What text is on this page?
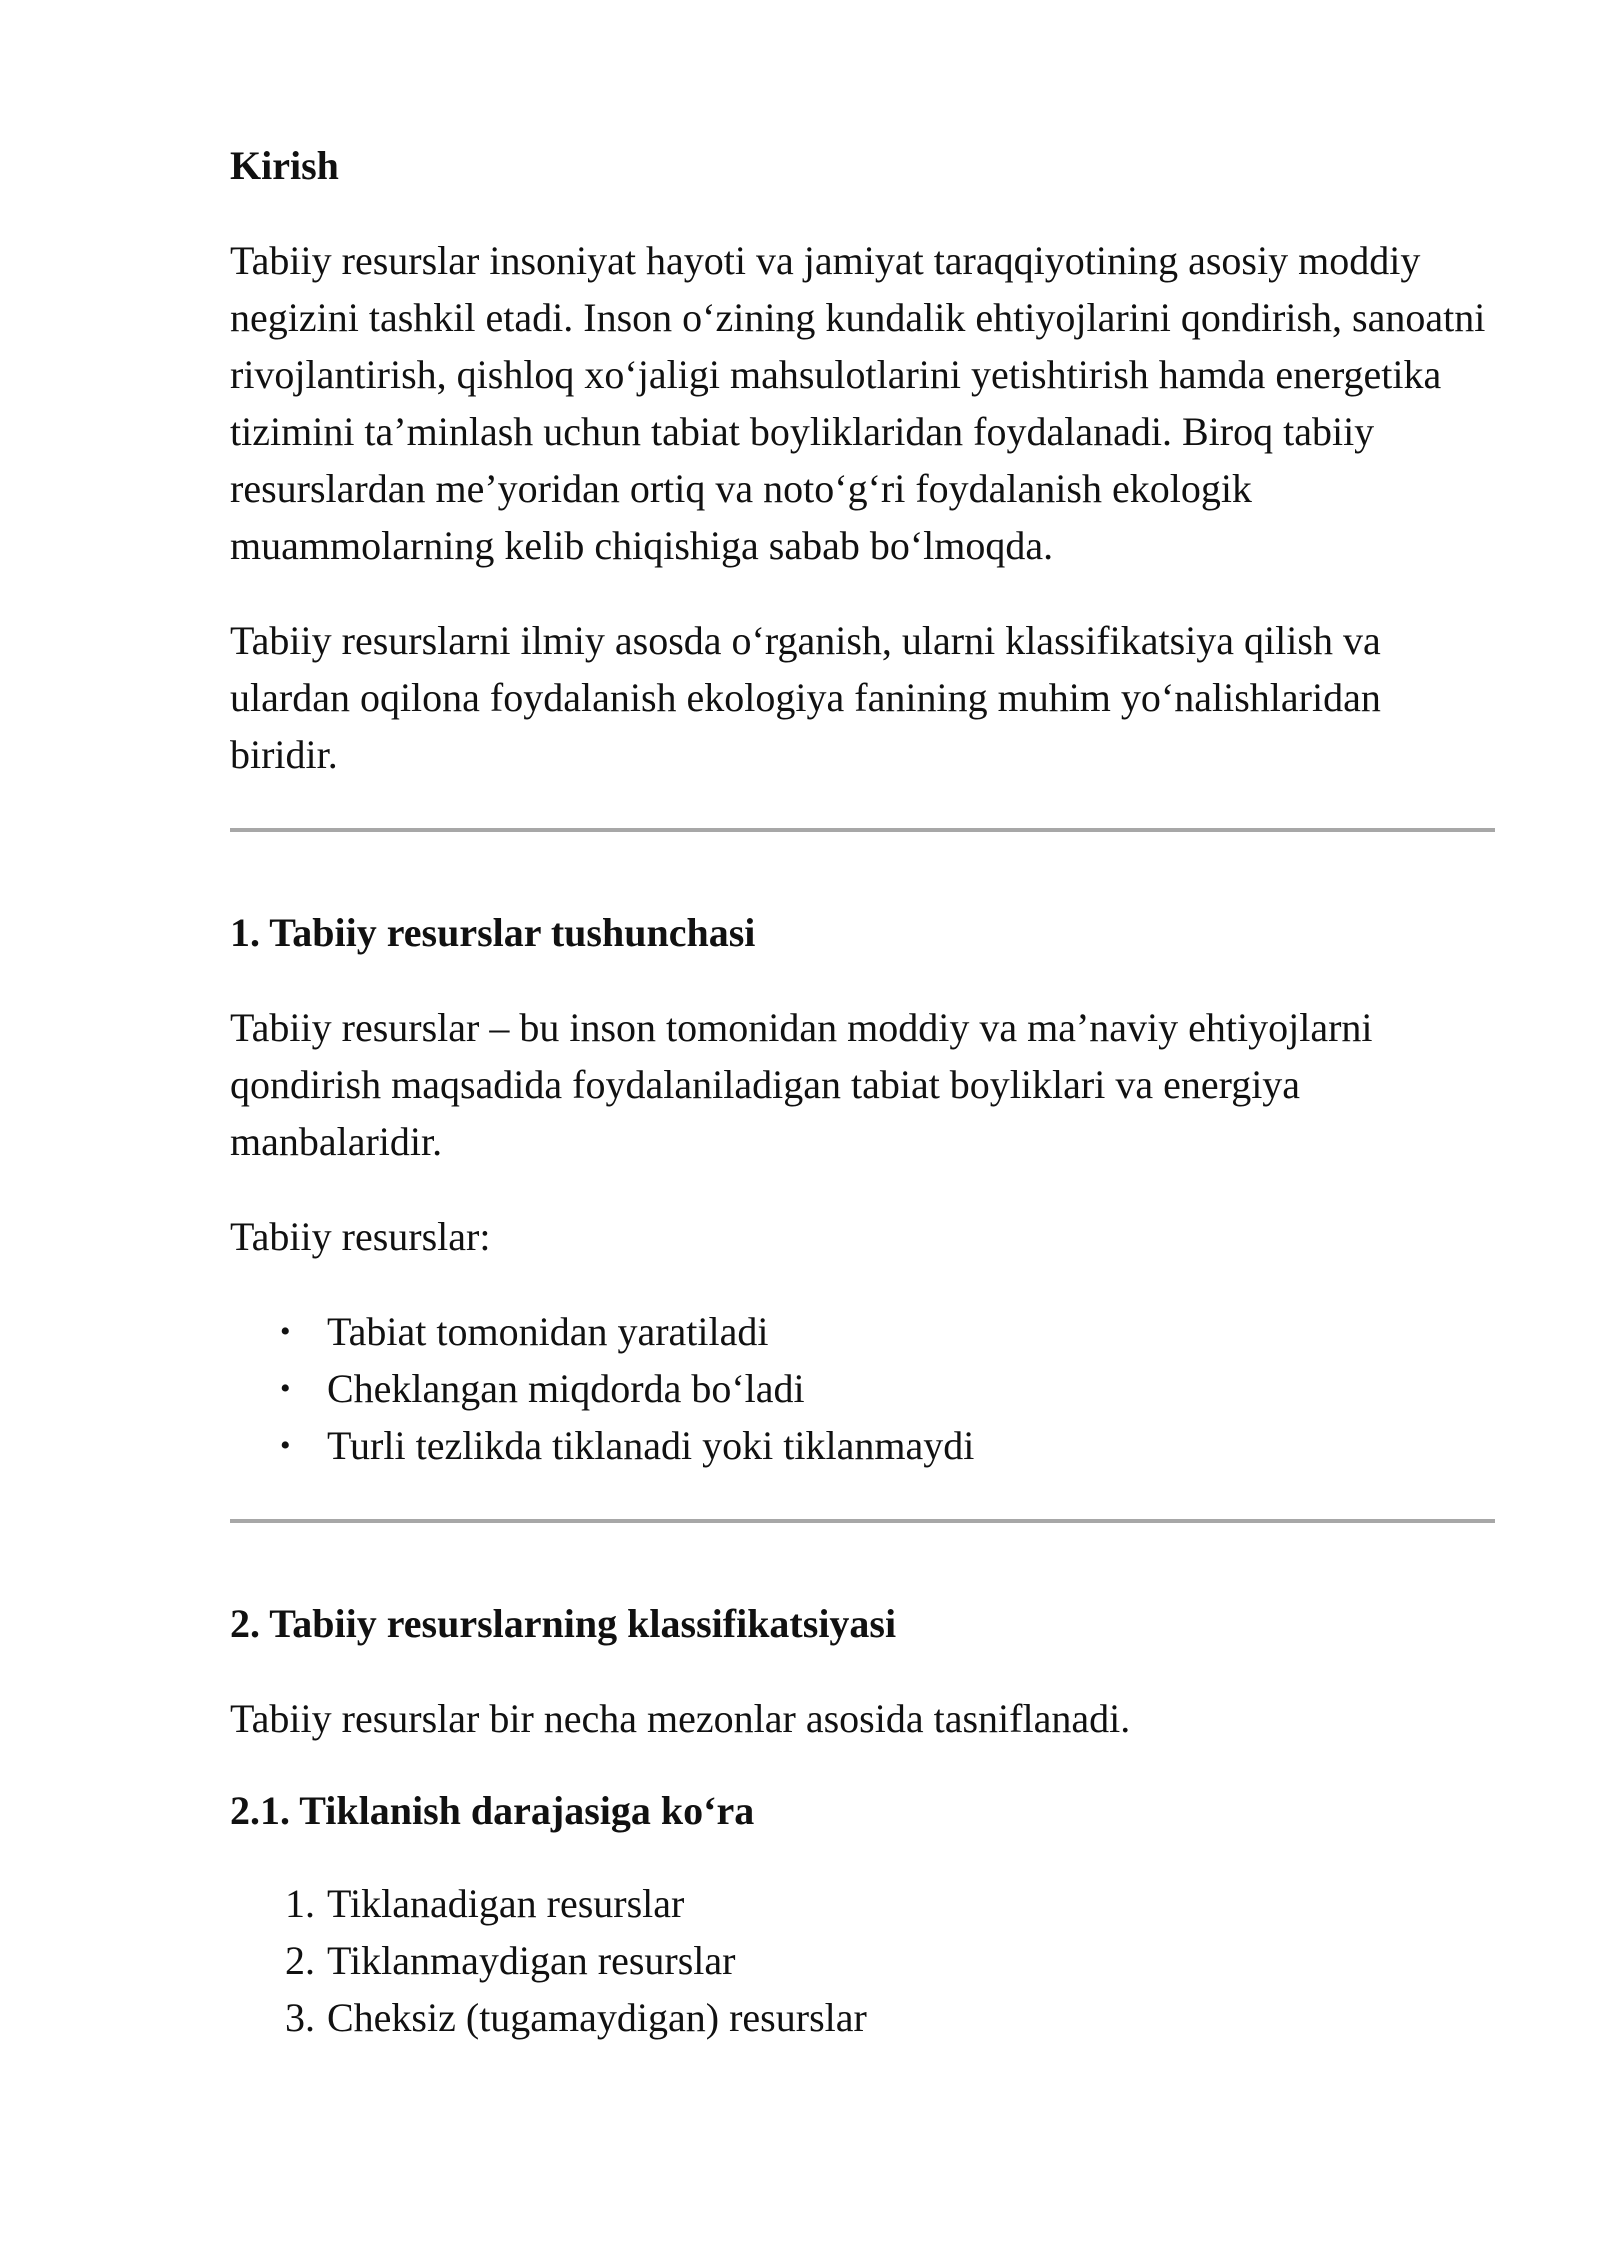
Kirish

Tabiiy resurslar insoniyat hayoti va jamiyat taraqqiyotining asosiy moddiy negizini tashkil etadi. Inson o‘zining kundalik ehtiyojlarini qondirish, sanoatni rivojlantirish, qishloq xo‘jaligi mahsulotlarini yetishtirish hamda energetika tizimini ta’minlash uchun tabiat boyliklaridan foydalanadi. Biroq tabiiy resurslardan me’yoridan ortiq va noto‘g‘ri foydalanish ekologik muammolarning kelib chiqishiga sabab bo‘lmoqda.

Tabiiy resurslarni ilmiy asosda o‘rganish, ularni klassifikatsiya qilish va ulardan oqilona foydalanish ekologiya fanining muhim yo‘nalishlaridan biridir.

1. Tabiiy resurslar tushunchasi

Tabiiy resurslar – bu inson tomonidan moddiy va ma’naviy ehtiyojlarni qondirish maqsadida foydalaniladigan tabiat boyliklari va energiya manbalaridir.

Tabiiy resurslar:

• Tabiat tomonidan yaratiladi
• Cheklangan miqdorda bo‘ladi
• Turli tezlikda tiklanadi yoki tiklanmaydi
2. Tabiiy resurslarning klassifikatsiyasi

Tabiiy resurslar bir necha mezonlar asosida tasniflanadi.

2.1. Tiklanish darajasiga ko‘ra
1. Tiklanadigan resurslar
2. Tiklanmaydigan resurslar
3. Cheksiz (tugamaydigan) resurslar
